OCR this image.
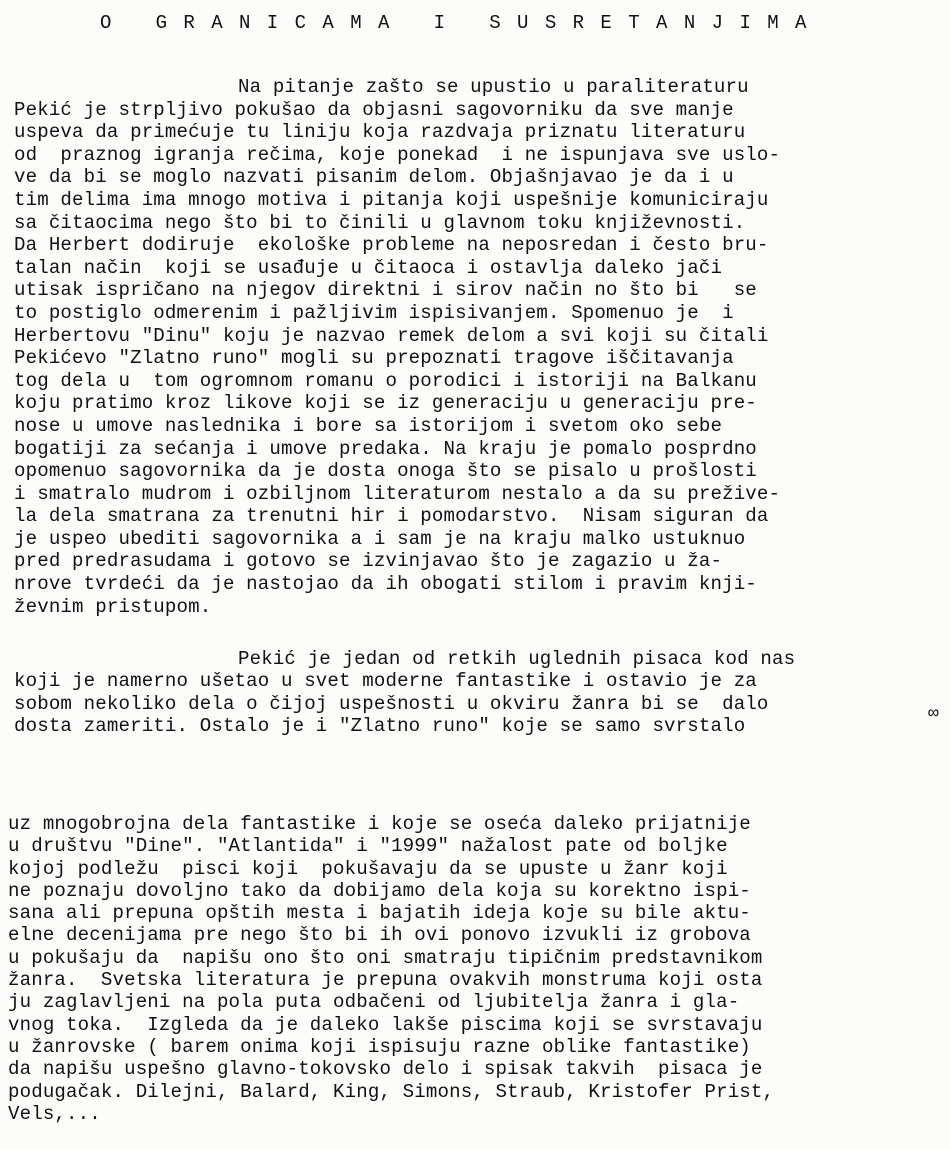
O GRANICAMA I SUSRETANJIMA
Na pitanje zašto se upustio u paraliteraturu
Pekić je strpljivo pokušao da objasni sagovorniku da sve manje
uspeva da primećuje tu liniju koja razdvaja priznatu literaturu
od  praznog igranja rečima, koje ponekad  i ne ispunjava sve uslo-
ve da bi se moglo nazvati pisanim delom. Objašnjavao je da i u
tim delima ima mnogo motiva i pitanja koji uspešnije komuniciraju
sa čitaocima nego što bi to činili u glavnom toku književnosti.
Da Herbert dodiruje  ekološke probleme na neposredan i često bru-
talan način  koji se usađuje u čitaoca i ostavlja daleko jači
utisak ispričano na njegov direktni i sirov način no što bi   se
to postiglo odmerenim i pažljivim ispisivanjem. Spomenuo je  i
Herbertovu "Dinu" koju je nazvao remek delom a svi koji su čitali
Pekićevo "Zlatno runo" mogli su prepoznati tragove iščitavanja
tog dela u  tom ogromnom romanu o porodici i istoriji na Balkanu
koju pratimo kroz likove koji se iz generaciju u generaciju pre-
nose u umove naslednika i bore sa istorijom i svetom oko sebe
bogatiji za sećanja i umove predaka. Na kraju je pomalo posprdno
opomenuo sagovornika da je dosta onoga što se pisalo u prošlosti
i smatralo mudrom i ozbiljnom literaturom nestalo a da su prežive-
la dela smatrana za trenutni hir i pomodarstvo.  Nisam siguran da
je uspeo ubediti sagovornika a i sam je na kraju malko ustuknuo
pred predrasudama i gotovo se izvinjavao što je zagazio u ža-
nrove tvrdeći da je nastojao da ih obogati stilom i pravim knji-
ževnim pristupom.
Pekić je jedan od retkih uglednih pisaca kod nas
koji je namerno ušetao u svet moderne fantastike i ostavio je za
sobom nekoliko dela o čijoj uspešnosti u okviru žanra bi se  dalo
dosta zameriti. Ostalo je i "Zlatno runo" koje se samo svrstalo
∞
uz mnogobrojna dela fantastike i koje se oseća daleko prijatnije
u društvu "Dine". "Atlantida" i "1999" nažalost pate od boljke
kojoj podležu  pisci koji  pokušavaju da se upuste u žanr koji
ne poznaju dovoljno tako da dobijamo dela koja su korektno ispi-
sana ali prepuna opštih mesta i bajatih ideja koje su bile aktu-
elne decenijama pre nego što bi ih ovi ponovo izvukli iz grobova
u pokušaju da  napišu ono što oni smatraju tipičnim predstavnikom
žanra.  Svetska literatura je prepuna ovakvih monstruma koji osta
ju zaglavljeni na pola puta odbačeni od ljubitelja žanra i gla-
vnog toka.  Izgleda da je daleko lakše piscima koji se svrstavaju
u žanrovske ( barem onima koji ispisuju razne oblike fantastike)
da napišu uspešno glavno-tokovsko delo i spisak takvih  pisaca je
podugačak. Dilejni, Balard, King, Simons, Straub, Kristofer Prist,
Vels,...
